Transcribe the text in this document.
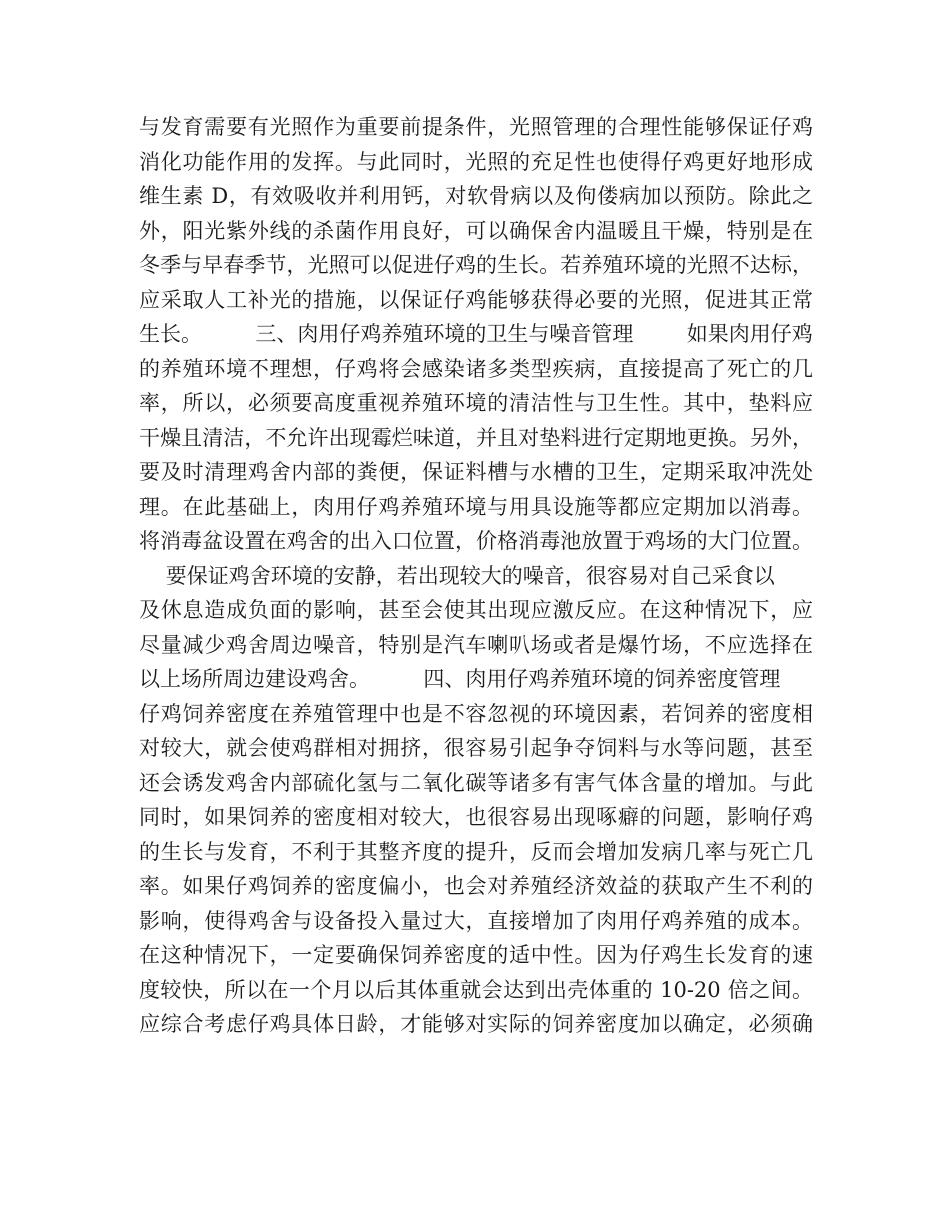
与发育需要有光照作为重要前提条件，光照管理的合理性能够保证仔鸡
消化功能作用的发挥。与此同时，光照的充足性也使得仔鸡更好地形成
维生素 D，有效吸收并利用钙，对软骨病以及佝偻病加以预防。除此之
外，阳光紫外线的杀菌作用良好，可以确保舍内温暖且干燥，特别是在
冬季与早春季节，光照可以促进仔鸡的生长。若养殖环境的光照不达标，
应采取人工补光的措施，以保证仔鸡能够获得必要的光照，促进其正常
生长。        三、肉用仔鸡养殖环境的卫生与噪音管理        如果肉用仔鸡
的养殖环境不理想，仔鸡将会感染诸多类型疾病，直接提高了死亡的几
率，所以，必须要高度重视养殖环境的清洁性与卫生性。其中，垫料应
干燥且清洁，不允许出现霉烂味道，并且对垫料进行定期地更换。另外，
要及时清理鸡舍内部的粪便，保证料槽与水槽的卫生，定期采取冲洗处
理。在此基础上，肉用仔鸡养殖环境与用具设施等都应定期加以消毒。
将消毒盆设置在鸡舍的出入口位置，价格消毒池放置于鸡场的大门位置。
要保证鸡舍环境的安静，若出现较大的噪音，很容易对自己采食以
及休息造成负面的影响，甚至会使其出现应激反应。在这种情况下，应
尽量减少鸡舍周边噪音，特别是汽车喇叭场或者是爆竹场，不应选择在
以上场所周边建设鸡舍。        四、肉用仔鸡养殖环境的饲养密度管理
仔鸡饲养密度在养殖管理中也是不容忽视的环境因素，若饲养的密度相
对较大，就会使鸡群相对拥挤，很容易引起争夺饲料与水等问题，甚至
还会诱发鸡舍内部硫化氢与二氧化碳等诸多有害气体含量的增加。与此
同时，如果饲养的密度相对较大，也很容易出现啄癖的问题，影响仔鸡
的生长与发育，不利于其整齐度的提升，反而会增加发病几率与死亡几
率。如果仔鸡饲养的密度偏小，也会对养殖经济效益的获取产生不利的
影响，使得鸡舍与设备投入量过大，直接增加了肉用仔鸡养殖的成本。
在这种情况下，一定要确保饲养密度的适中性。因为仔鸡生长发育的速
度较快，所以在一个月以后其体重就会达到出壳体重的 10-20 倍之间。
应综合考虑仔鸡具体日龄，才能够对实际的饲养密度加以确定，必须确
